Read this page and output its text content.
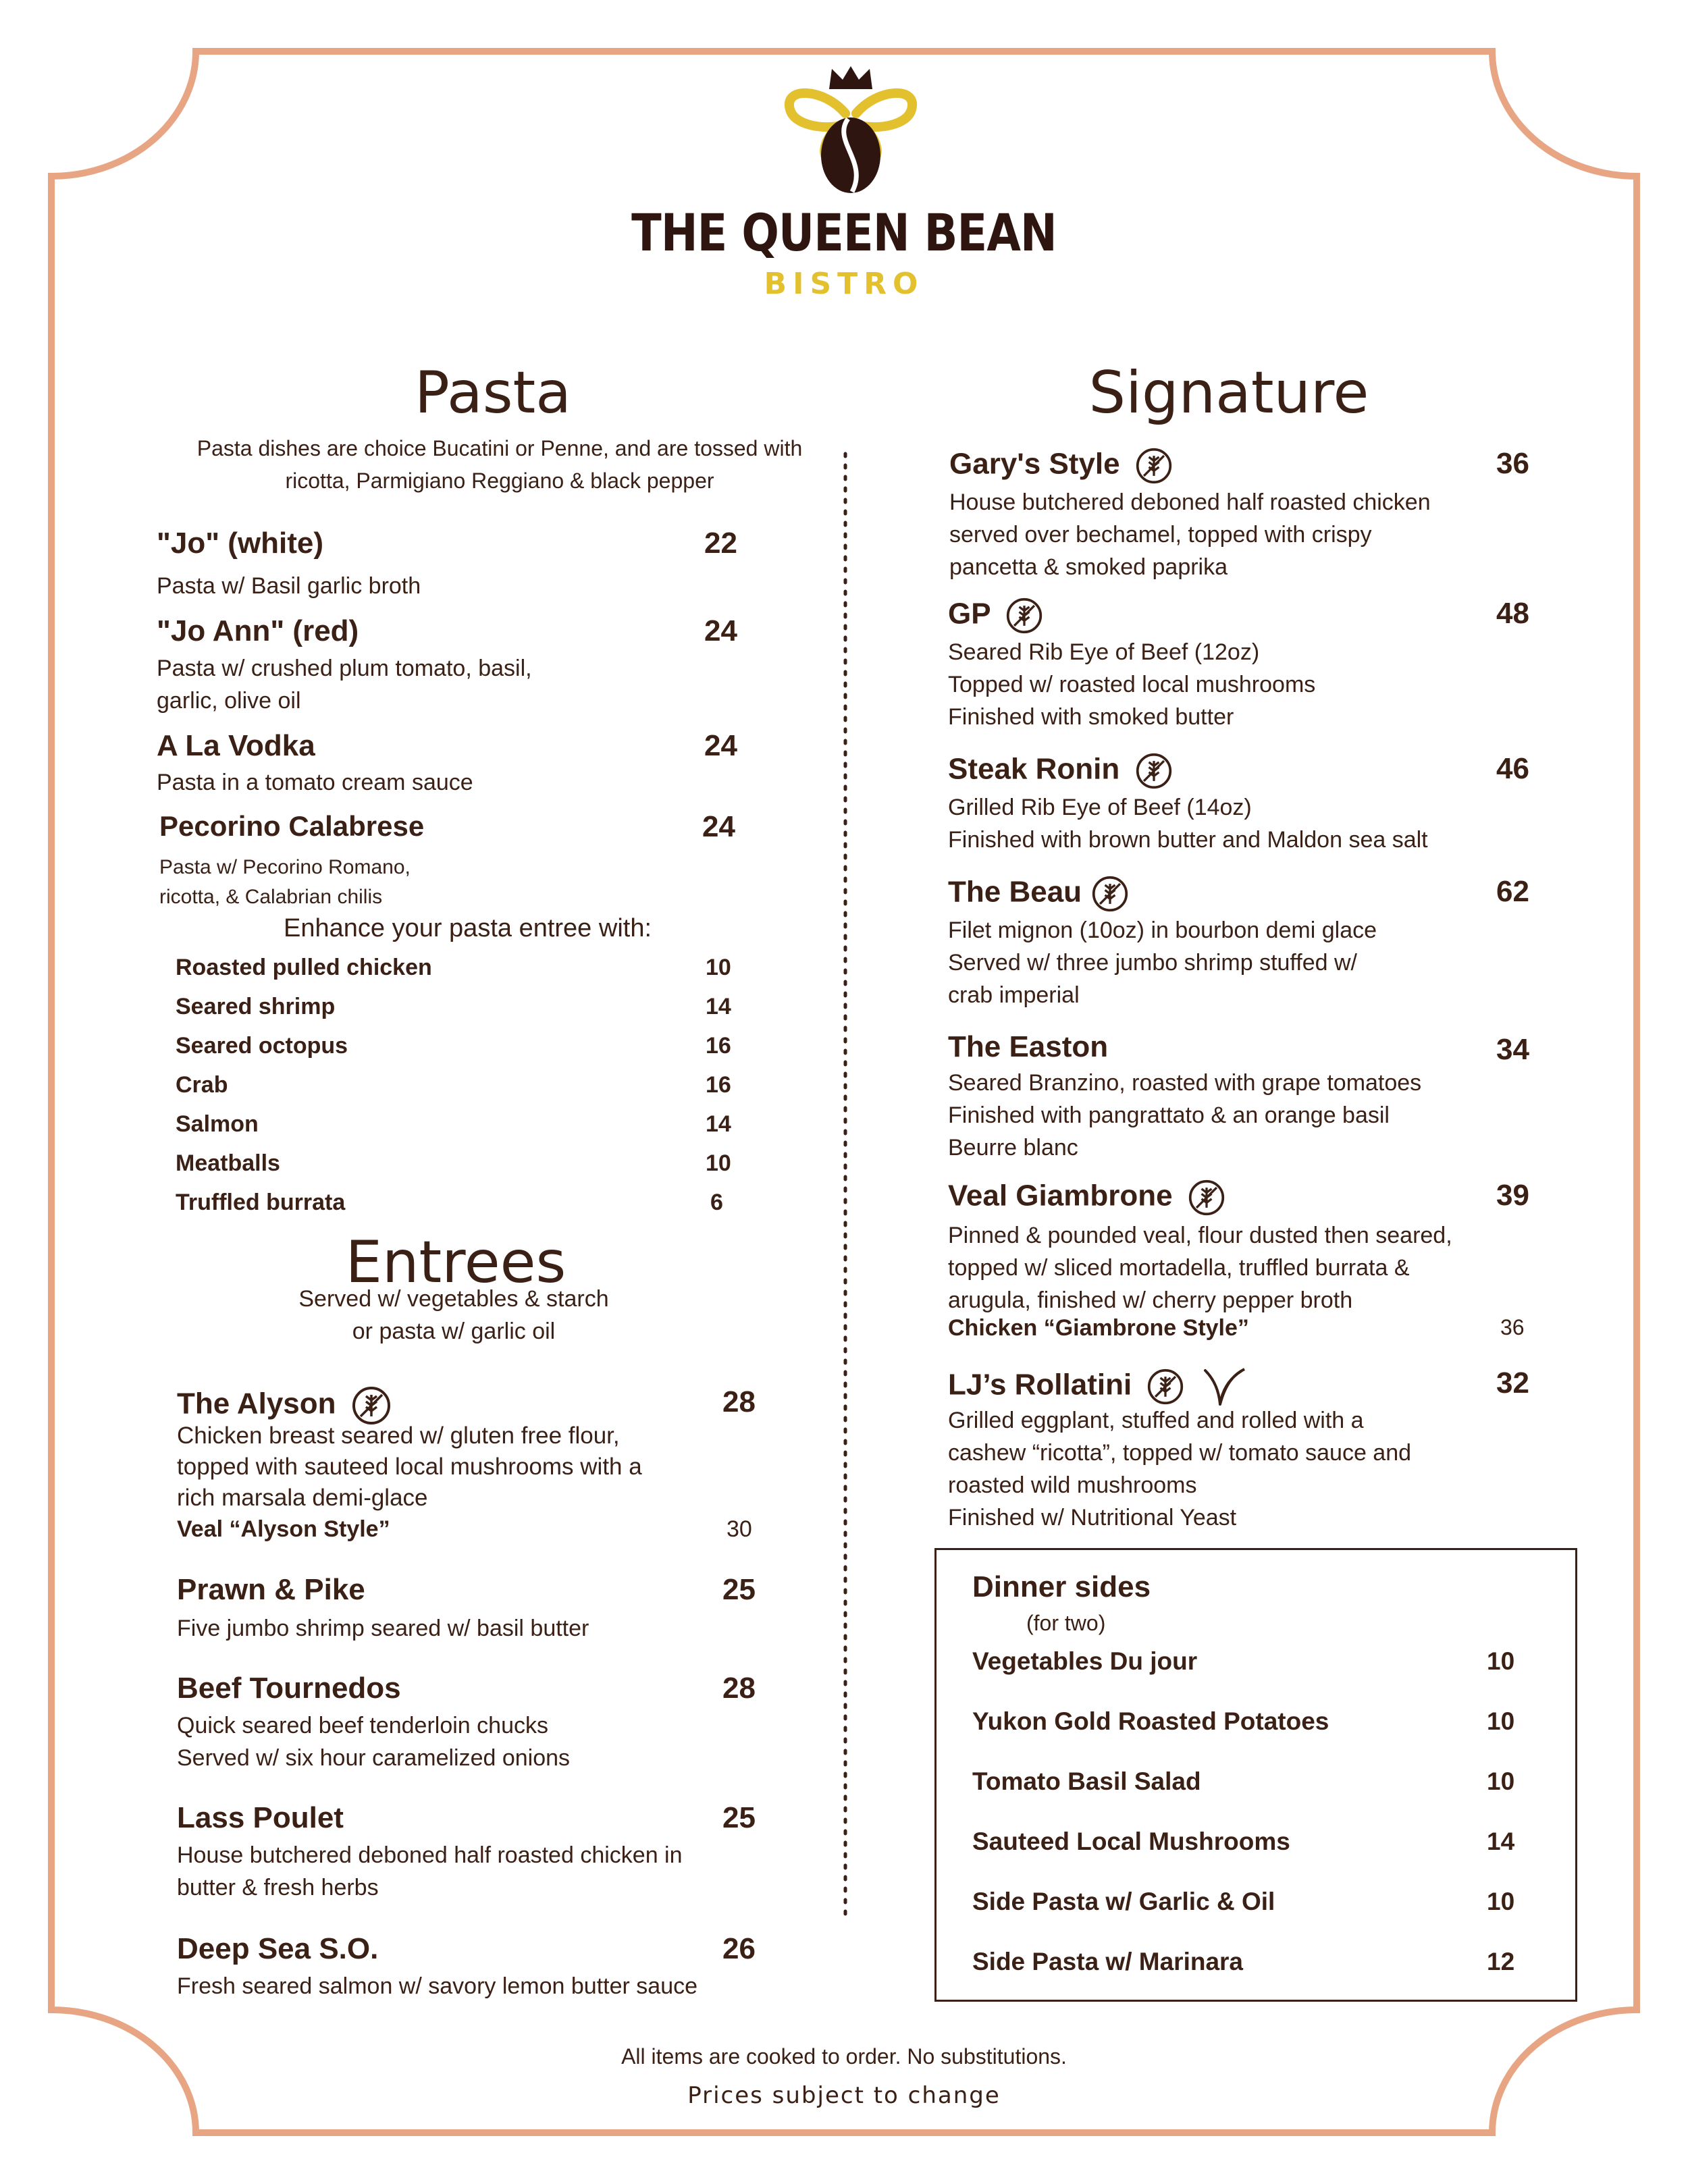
THE QUEEN BEAN
BISTRO
Pasta
Pasta dishes are choice Bucatini or Penne, and are tossed with
ricotta, Parmigiano Reggiano & black pepper
"Jo" (white)	22
Pasta w/ Basil garlic broth
"Jo Ann" (red)	24
Pasta w/ crushed plum tomato, basil,
garlic, olive oil
A La Vodka	24
Pasta in a tomato cream sauce
Pecorino Calabrese	24
Pasta w/ Pecorino Romano,
ricotta, & Calabrian chilis
Enhance your pasta entree with:
Roasted pulled chicken	10
Seared shrimp	14
Seared octopus	16
Crab	16
Salmon	14
Meatballs	10
Truffled burrata	6
Entrees
Served w/ vegetables & starch
or pasta w/ garlic oil
The Alyson	28
Chicken breast seared w/ gluten free flour,
topped with sauteed local mushrooms with a
rich marsala demi-glace
Veal “Alyson Style”	30
Prawn & Pike	25
Five jumbo shrimp seared w/ basil butter
Beef Tournedos	28
Quick seared beef tenderloin chucks
Served w/ six hour caramelized onions
Lass Poulet	25
House butchered deboned half roasted chicken in
butter & fresh herbs
Deep Sea S.O.	26
Fresh seared salmon w/ savory lemon butter sauce
Signature
Gary's Style	36
House butchered deboned half roasted chicken
served over bechamel, topped with crispy
pancetta & smoked paprika
GP	48
Seared Rib Eye of Beef (12oz)
Topped w/ roasted local mushrooms
Finished with smoked butter
Steak Ronin	46
Grilled Rib Eye of Beef (14oz)
Finished with brown butter and Maldon sea salt
The Beau	62
Filet mignon (10oz) in bourbon demi glace
Served w/ three jumbo shrimp stuffed w/
crab imperial
The Easton	34
Seared Branzino, roasted with grape tomatoes
Finished with pangrattato & an orange basil
Beurre blanc
Veal Giambrone	39
Pinned & pounded veal, flour dusted then seared,
topped w/ sliced mortadella, truffled burrata &
arugula, finished w/ cherry pepper broth
Chicken “Giambrone Style”	36
LJ’s Rollatini	32
Grilled eggplant, stuffed and rolled with a
cashew “ricotta”, topped w/ tomato sauce and
roasted wild mushrooms
Finished w/ Nutritional Yeast
Dinner sides
(for two)
Vegetables Du jour	10
Yukon Gold Roasted Potatoes	10
Tomato Basil Salad	10
Sauteed Local Mushrooms	14
Side Pasta w/ Garlic & Oil	10
Side Pasta w/ Marinara	12
All items are cooked to order. No substitutions.
Prices subject to change
